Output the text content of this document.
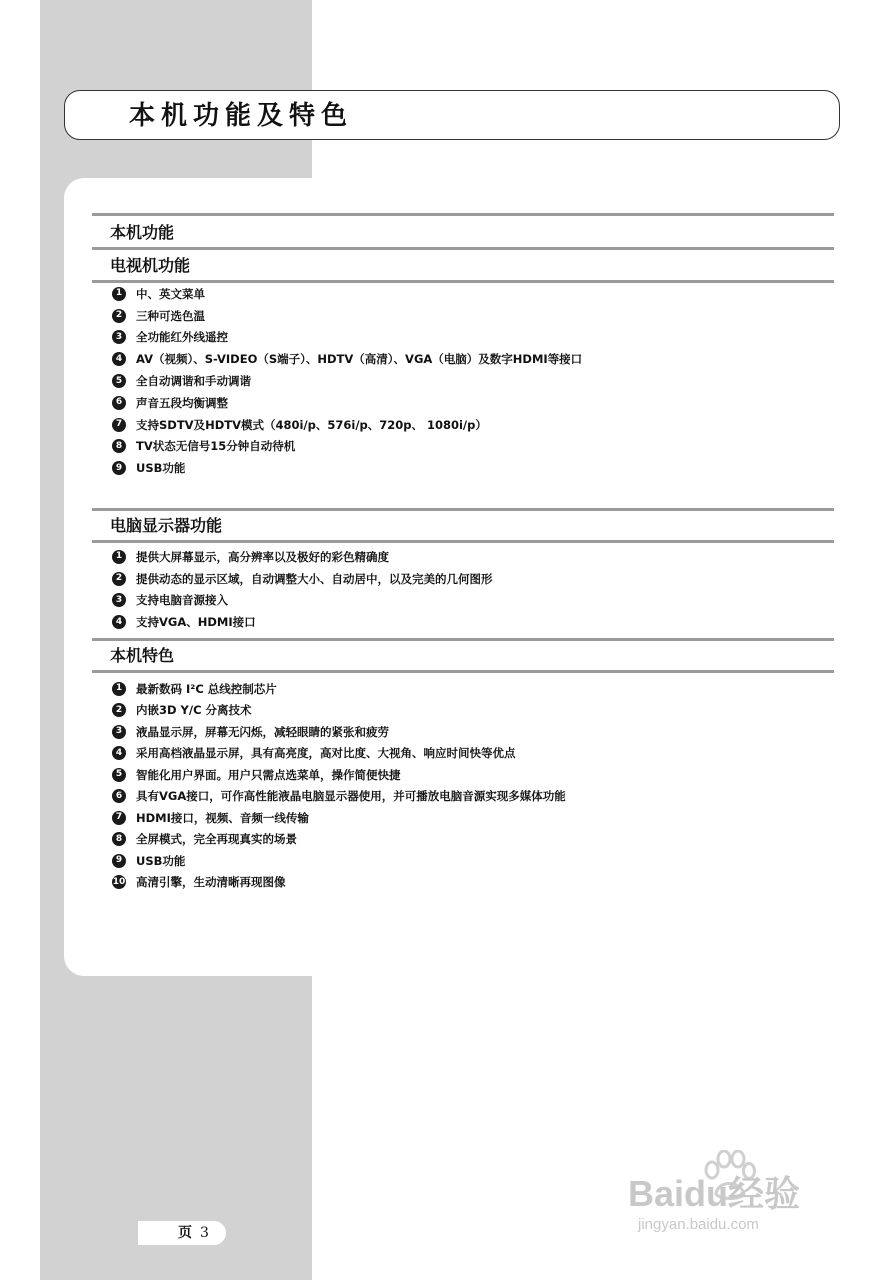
本机功能及特色
本机功能
电视机功能
1	中、英文菜单
2	三种可选色温
3	全功能红外线遥控
4	AV（视频）、S-VIDEO（S端子）、HDTV（高清）、VGA（电脑）及数字HDMI等接口
5	全自动调谐和手动调谐
6	声音五段均衡调整
7	支持SDTV及HDTV模式（480i/p、576i/p、720p、 1080i/p）
8	TV状态无信号15分钟自动待机
9	USB功能
电脑显示器功能
1	提供大屏幕显示，高分辨率以及极好的彩色精确度
2	提供动态的显示区域，自动调整大小、自动居中，以及完美的几何图形
3	支持电脑音源接入
4	支持VGA、HDMI接口
本机特色
1	最新数码 I²C 总线控制芯片
2	内嵌3D Y/C 分离技术
3	液晶显示屏，屏幕无闪烁，减轻眼睛的紧张和疲劳
4	采用高档液晶显示屏，具有高亮度，高对比度、大视角、响应时间快等优点
5	智能化用户界面。用户只需点选菜单，操作简便快捷
6	具有VGA接口，可作高性能液晶电脑显示器使用，并可播放电脑音源实现多媒体功能
7	HDMI接口，视频、音频一线传输
8	全屏模式，完全再现真实的场景
9	USB功能
10 高清引擎，生动清晰再现图像
页 3
Baidu经验
jingyan.baidu.com
